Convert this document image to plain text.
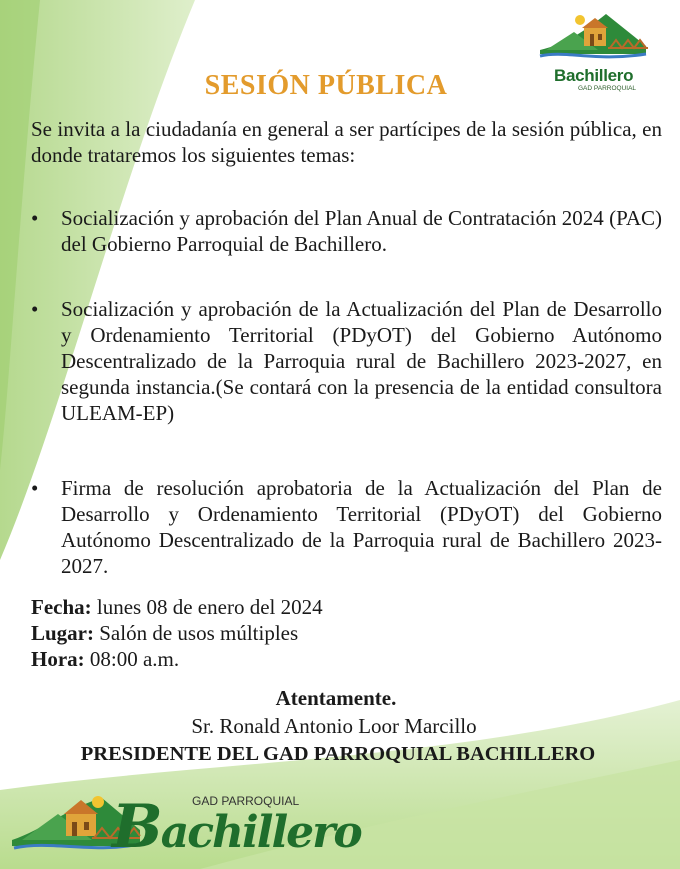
Bachillero
GAD PARROQUIAL
SESIÓN PÚBLICA
Se invita a la ciudadanía en general a ser partícipes de la sesión pública, en donde trataremos los siguientes temas:
• Socialización y aprobación del Plan Anual de Contratación 2024 (PAC) del Gobierno Parroquial de Bachillero.
• Socialización y aprobación de la Actualización del Plan de Desarrollo y Ordenamiento Territorial (PDyOT) del Gobierno Autónomo Descentralizado de la Parroquia rural de Bachillero 2023-2027, en segunda instancia.(Se contará con la presencia de la entidad consultora ULEAM-EP)
• Firma de resolución aprobatoria de la Actualización del Plan de Desarrollo y Ordenamiento Territorial (PDyOT) del Gobierno Autónomo Descentralizado de la Parroquia rural de Bachillero 2023-2027.
Fecha: lunes 08 de enero del 2024
Lugar: Salón de usos múltiples
Hora: 08:00 a.m.
Atentamente.
Sr. Ronald Antonio Loor Marcillo
PRESIDENTE DEL GAD PARROQUIAL BACHILLERO
GAD PARROQUIAL
Bachillero
